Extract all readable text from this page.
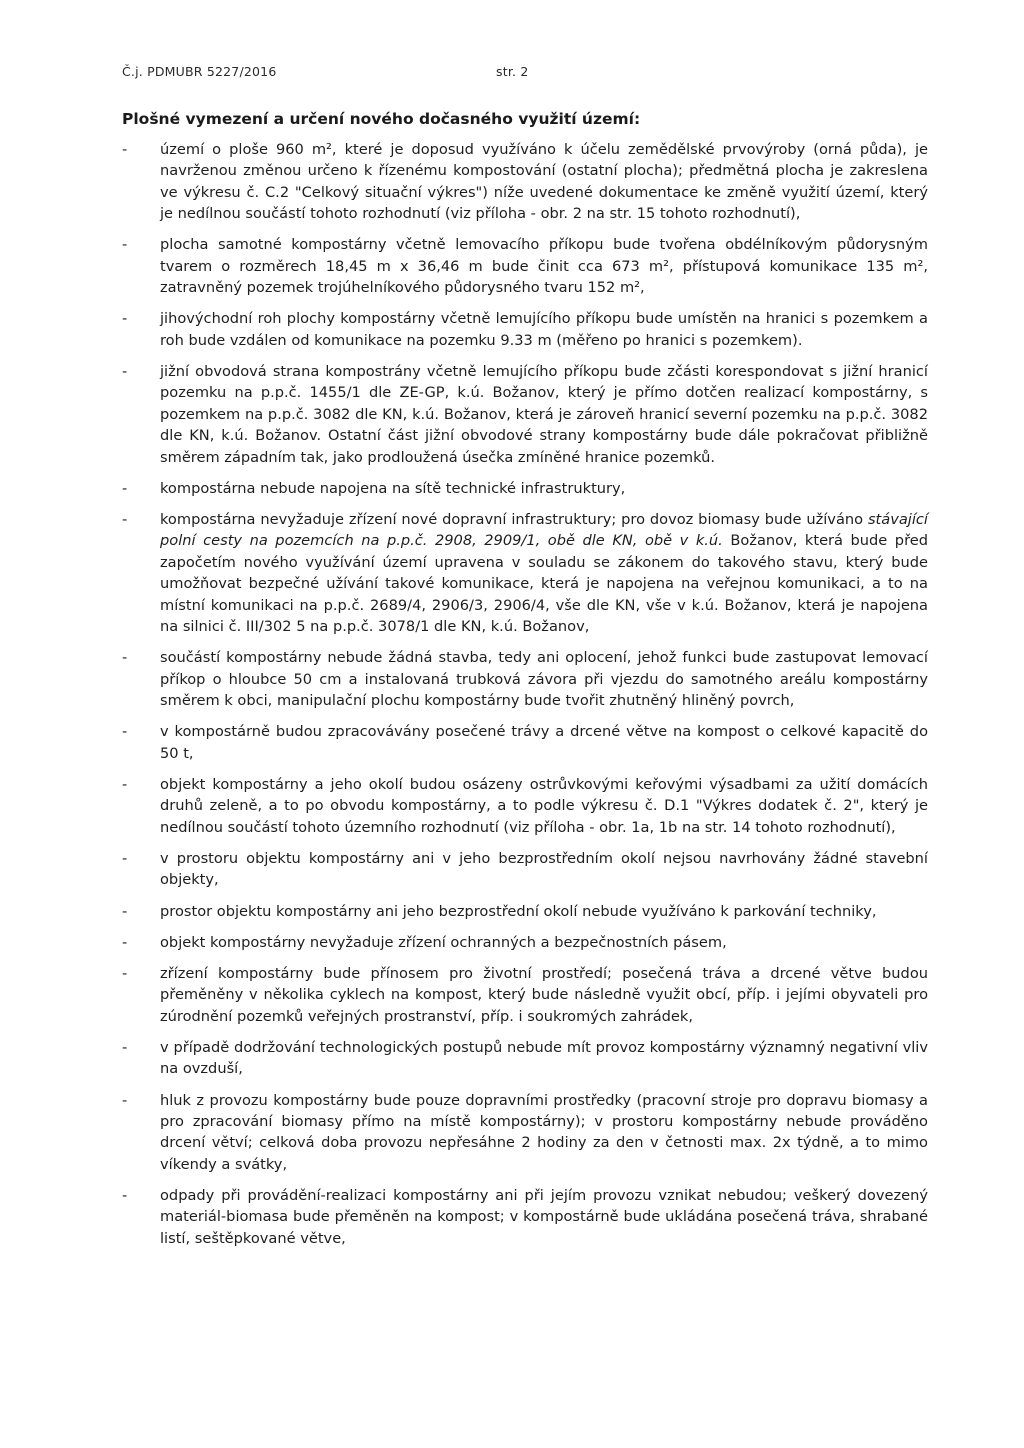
Č.j. PDMUBR 5227/2016	str. 2
Plošné vymezení a určení nového dočasného využití území:
- území o ploše 960 m², které je doposud využíváno k účelu zemědělské prvovýroby (orná půda), je navrženou změnou určeno k řízenému kompostování (ostatní plocha); předmětná plocha je zakreslena ve výkresu č. C.2 "Celkový situační výkres") níže uvedené dokumentace ke změně využití území, který je nedílnou součástí tohoto rozhodnutí (viz příloha - obr. 2 na str. 15 tohoto rozhodnutí),
- plocha samotné kompostárny včetně lemovacího příkopu bude tvořena obdélníkovým půdorysným tvarem o rozměrech 18,45 m x 36,46 m bude činit cca 673 m², přístupová komunikace 135 m², zatravněný pozemek trojúhelníkového půdorysného tvaru 152 m²,
- jihovýchodní roh plochy kompostárny včetně lemujícího příkopu bude umístěn na hranici s pozemkem a roh bude vzdálen od komunikace na pozemku 9.33 m (měřeno po hranici s pozemkem).
- jižní obvodová strana kompostrány včetně lemujícího příkopu bude zčásti korespondovat s jižní hranicí pozemku na p.p.č. 1455/1 dle ZE-GP, k.ú. Božanov, který je přímo dotčen realizací kompostárny, s pozemkem na p.p.č. 3082 dle KN, k.ú. Božanov, která je zároveň hranicí severní pozemku na p.p.č. 3082 dle KN, k.ú. Božanov. Ostatní část jižní obvodové strany kompostárny bude dále pokračovat přibližně směrem západním tak, jako prodloužená úsečka zmíněné hranice pozemků.
- kompostárna nebude napojena na sítě technické infrastruktury,
- kompostárna nevyžaduje zřízení nové dopravní infrastruktury; pro dovoz biomasy bude užíváno stávající polní cesty na pozemcích na p.p.č. 2908, 2909/1, obě dle KN, obě v k.ú. Božanov, která bude před započetím nového využívání území upravena v souladu se zákonem do takového stavu, který bude umožňovat bezpečné užívání takové komunikace, která je napojena na veřejnou komunikaci, a to na místní komunikaci na p.p.č. 2689/4, 2906/3, 2906/4, vše dle KN, vše v k.ú. Božanov, která je napojena na silnici č. III/302 5 na p.p.č. 3078/1 dle KN, k.ú. Božanov,
- součástí kompostárny nebude žádná stavba, tedy ani oplocení, jehož funkci bude zastupovat lemovací příkop o hloubce 50 cm a instalovaná trubková závora při vjezdu do samotného areálu kompostárny směrem k obci, manipulační plochu kompostárny bude tvořit zhutněný hliněný povrch,
- v kompostárně budou zpracovávány posečené trávy a drcené větve na kompost o celkové kapacitě do 50 t,
- objekt kompostárny a jeho okolí budou osázeny ostrůvkovými keřovými výsadbami za užití domácích druhů zeleně, a to po obvodu kompostárny, a to podle výkresu č. D.1 "Výkres dodatek č. 2", který je nedílnou součástí tohoto územního rozhodnutí (viz příloha - obr. 1a, 1b na str. 14 tohoto rozhodnutí),
- v prostoru objektu kompostárny ani v jeho bezprostředním okolí nejsou navrhovány žádné stavební objekty,
- prostor objektu kompostárny ani jeho bezprostřední okolí nebude využíváno k parkování techniky,
- objekt kompostárny nevyžaduje zřízení ochranných a bezpečnostních pásem,
- zřízení kompostárny bude přínosem pro životní prostředí; posečená tráva a drcené větve budou přeměněny v několika cyklech na kompost, který bude následně využit obcí, příp. i jejími obyvateli pro zúrodnění pozemků veřejných prostranství, příp. i soukromých zahrádek,
- v případě dodržování technologických postupů nebude mít provoz kompostárny významný negativní vliv na ovzduší,
- hluk z provozu kompostárny bude pouze dopravními prostředky (pracovní stroje pro dopravu biomasy a pro zpracování biomasy přímo na místě kompostárny); v prostoru kompostárny nebude prováděno drcení větví; celková doba provozu nepřesáhne 2 hodiny za den v četnosti max. 2x týdně, a to mimo víkendy a svátky,
- odpady při provádění-realizaci kompostárny ani při jejím provozu vznikat nebudou; veškerý dovezený materiál-biomasa bude přeměněn na kompost; v kompostárně bude ukládána posečená tráva, shrabané listí, seštěpkované větve,
